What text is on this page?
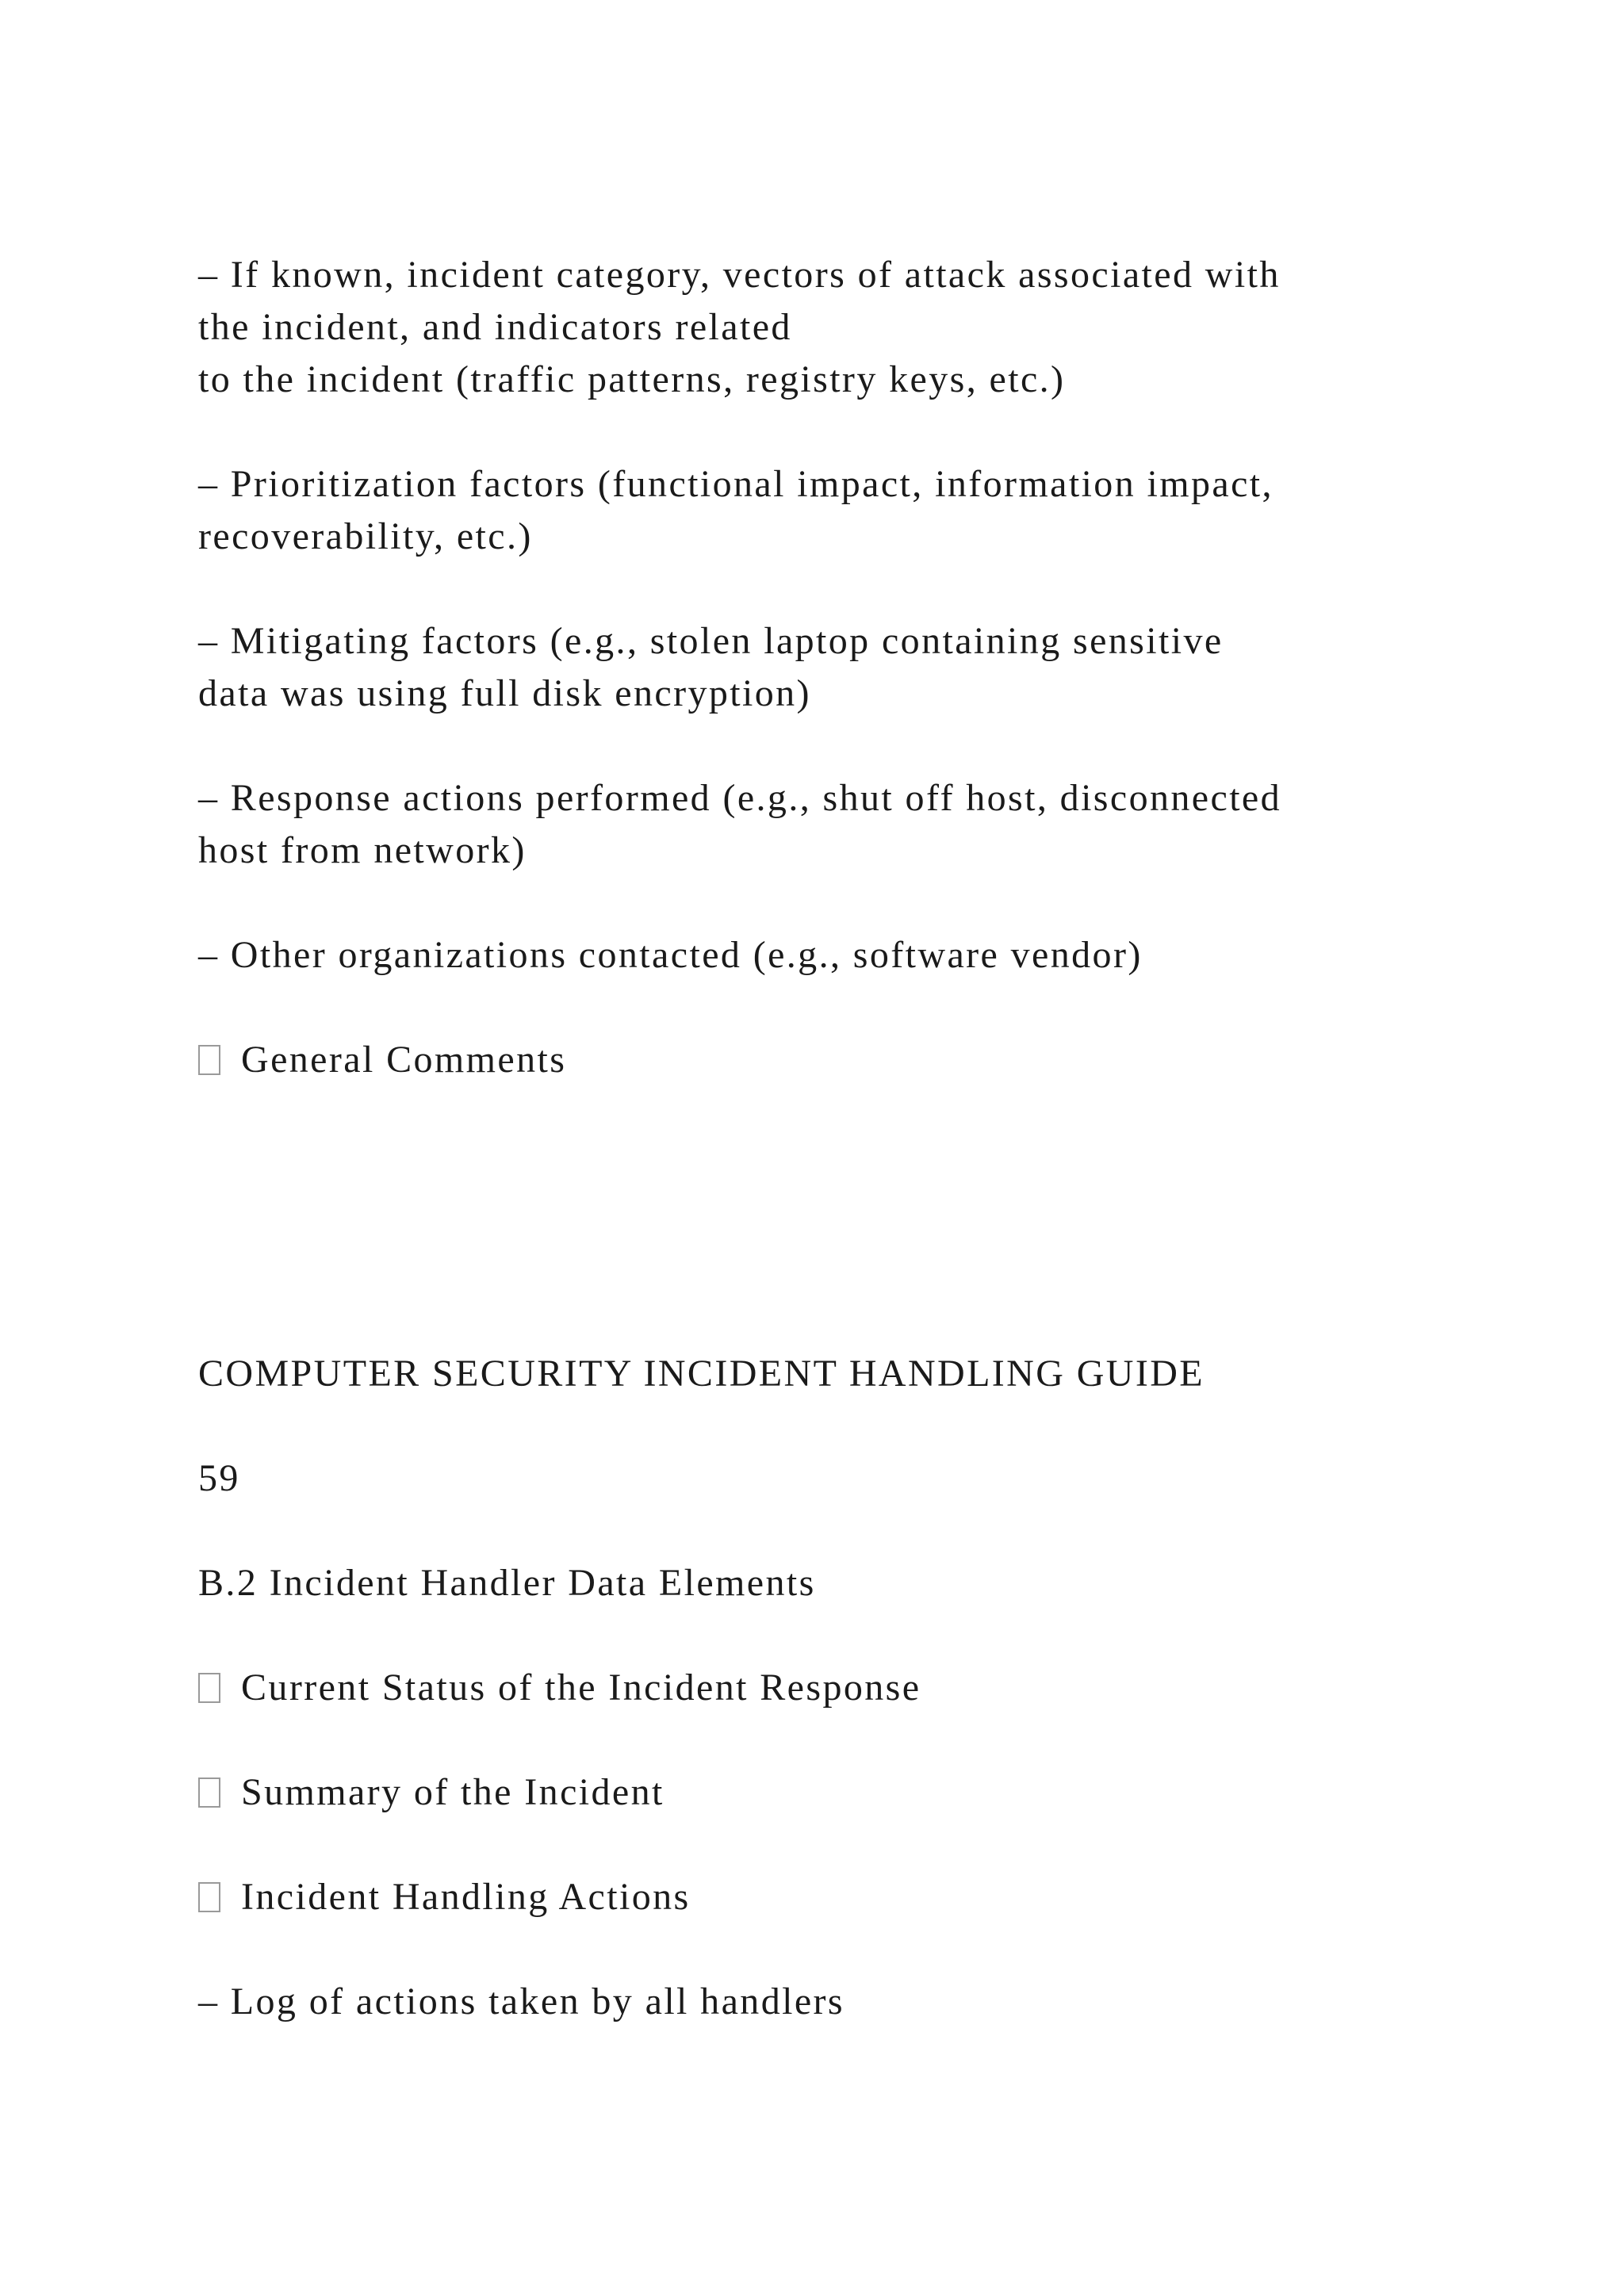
– If known, incident category, vectors of attack associated with

the incident, and indicators related

to the incident (traffic patterns, registry keys, etc.)

– Prioritization factors (functional impact, information impact,

recoverability, etc.)

– Mitigating factors (e.g., stolen laptop containing sensitive

data was using full disk encryption)

– Response actions performed (e.g., shut off host, disconnected

host from network)

– Other organizations contacted (e.g., software vendor)

General Comments

COMPUTER SECURITY INCIDENT HANDLING GUIDE

59

B.2 Incident Handler Data Elements

Current Status of the Incident Response

Summary of the Incident

Incident Handling Actions

– Log of actions taken by all handlers
